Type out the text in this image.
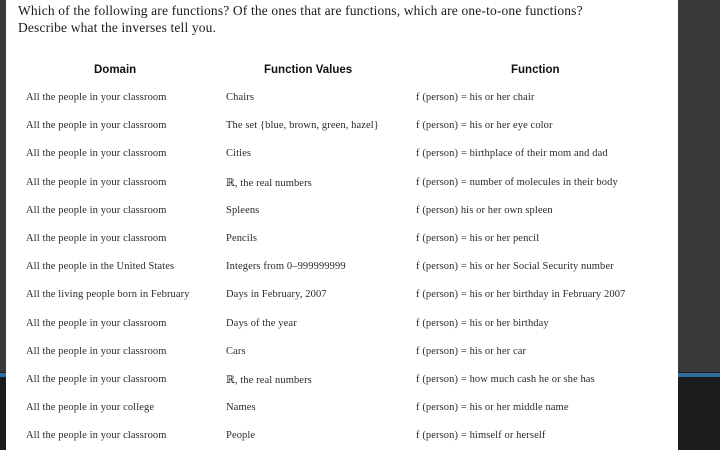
Which of the following are functions? Of the ones that are functions, which are one-to-one functions?
Describe what the inverses tell you.
Domain	Function Values	Function
All the people in your classroom	Chairs	f (person) = his or her chair
All the people in your classroom	The set {blue, brown, green, hazel}	f (person) = his or her eye color
All the people in your classroom	Cities	f (person) = birthplace of their mom and dad
All the people in your classroom	ℝ, the real numbers	f (person) = number of molecules in their body
All the people in your classroom	Spleens	f (person) his or her own spleen
All the people in your classroom	Pencils	f (person) = his or her pencil
All the people in the United States	Integers from 0–999999999	f (person) = his or her Social Security number
All the living people born in February	Days in February, 2007	f (person) = his or her birthday in February 2007
All the people in your classroom	Days of the year	f (person) = his or her birthday
All the people in your classroom	Cars	f (person) = his or her car
All the people in your classroom	ℝ, the real numbers	f (person) = how much cash he or she has
All the people in your college	Names	f (person) = his or her middle name
All the people in your classroom	People	f (person) = himself or herself
